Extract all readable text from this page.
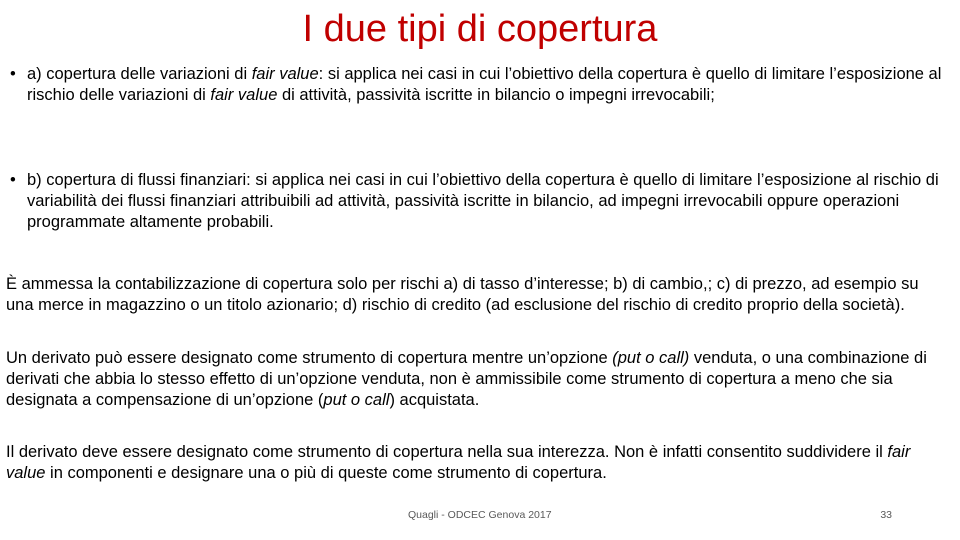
I due tipi di copertura
• a) copertura delle variazioni di fair value: si applica nei casi in cui l’obiettivo della copertura è quello di limitare l’esposizione al rischio delle variazioni di fair value di attività, passività iscritte in bilancio o impegni irrevocabili;
• b) copertura di flussi finanziari: si applica nei casi in cui l’obiettivo della copertura è quello di limitare l’esposizione al rischio di variabilità dei flussi finanziari attribuibili ad attività, passività iscritte in bilancio, ad impegni irrevocabili oppure operazioni programmate altamente probabili.
È ammessa la contabilizzazione di copertura solo per rischi a) di tasso d’interesse; b) di cambio,; c) di prezzo, ad esempio su una merce in magazzino o un titolo azionario; d) rischio di credito (ad esclusione del rischio di credito proprio della società).
Un derivato può essere designato come strumento di copertura mentre un’opzione (put o call) venduta, o una combinazione di derivati che abbia lo stesso effetto di un’opzione venduta, non è ammissibile come strumento di copertura a meno che sia designata a compensazione di un’opzione (put o call) acquistata.
Il derivato deve essere designato come strumento di copertura nella sua interezza. Non è infatti consentito suddividere il fair value in componenti e designare una o più di queste come strumento di copertura.
Quagli - ODCEC Genova 2017	33
